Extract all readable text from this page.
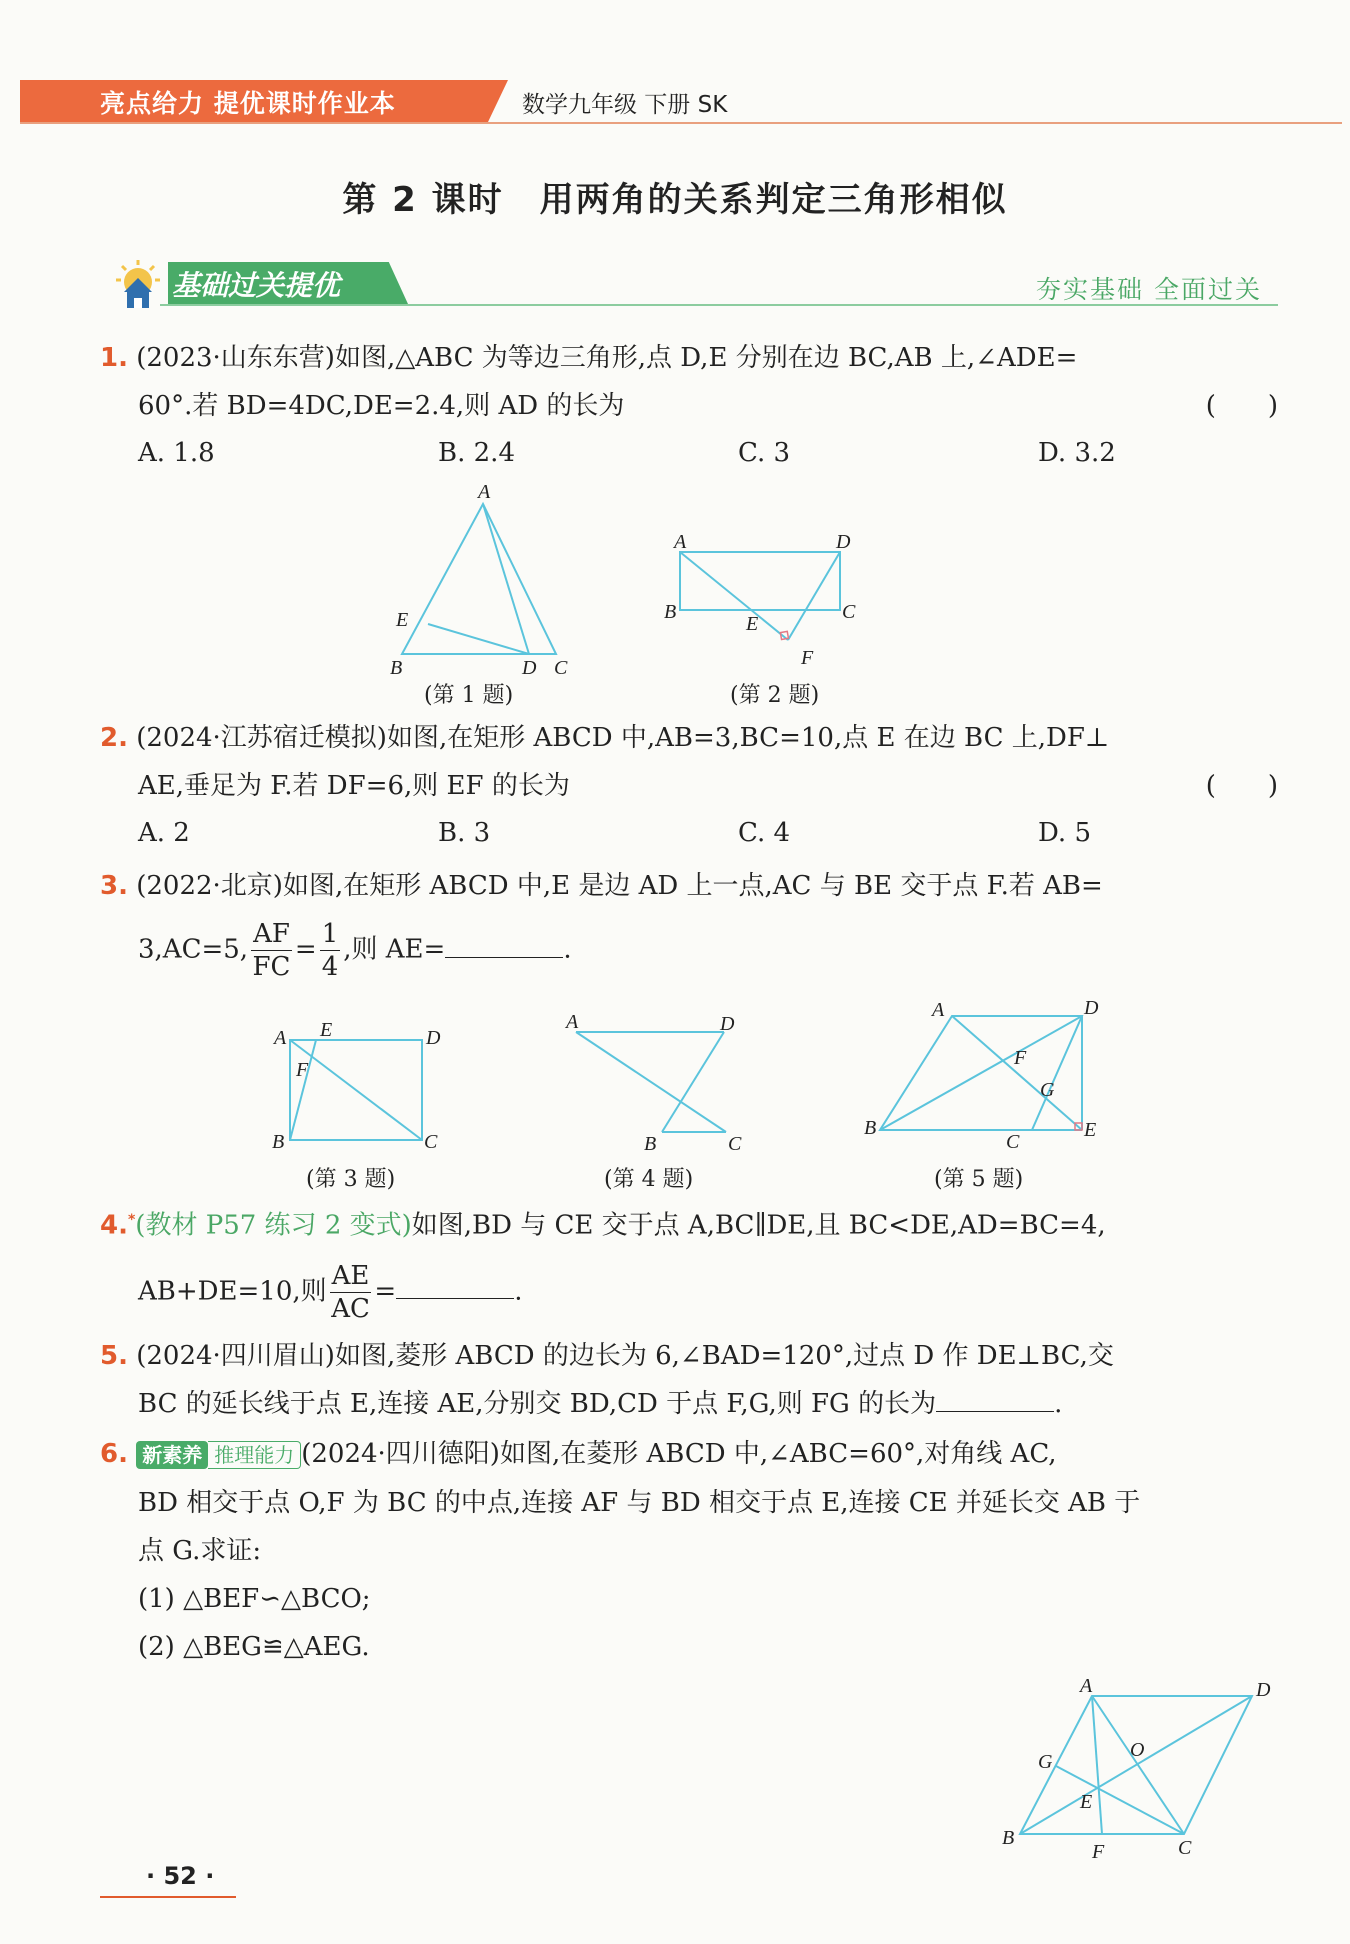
亮点给力 提优课时作业本	数学九年级 下册 SK
第 2 课时　用两角的关系判定三角形相似
基础过关提优	夯实基础 全面过关
1. (2023·山东东营)如图,△ABC 为等边三角形,点 D,E 分别在边 BC,AB 上,∠ADE=
60°.若 BD=4DC,DE=2.4,则 AD 的长为	(　　)
A. 1.8	B. 2.4	C. 3	D. 3.2
A
B	C
D
E
(第 1 题)
A
B	C
D
E
F
(第 2 题)
2. (2024·江苏宿迁模拟)如图,在矩形 ABCD 中,AB=3,BC=10,点 E 在边 BC 上,DF⊥
AE,垂足为 F.若 DF=6,则 EF 的长为	(　　)
A. 2	B. 3	C. 4	D. 5
3. (2022·北京)如图,在矩形 ABCD 中,E 是边 AD 上一点,AC 与 BE 交于点 F.若 AB=
3,AC=5, $\frac{AF}{FC} = \frac{1}{4}$ ,则 AE=	.
A
B	C
D
E
F
(第 3 题)
A
B	C
D
(第 4 题)
A
B
C
D
E
F
G
(第 5 题)
4.*(教材 P57 练习 2 变式)如图,BD 与 CE 交于点 A,BC∥DE,且 BC<DE,AD=BC=4,
AB+DE=10,则 $\frac{AE}{AC}$ =	.
5. (2024·四川眉山)如图,菱形 ABCD 的边长为 6,∠BAD=120°,过点 D 作 DE⊥BC,交
BC 的延长线于点 E,连接 AE,分别交 BD,CD 于点 F,G,则 FG 的长为	.
6. 新素养 推理能力 (2024·四川德阳)如图,在菱形 ABCD 中,∠ABC=60°,对角线 AC,
BD 相交于点 O,F 为 BC 的中点,连接 AF 与 BD 相交于点 E,连接 CE 并延长交 AB 于
点 G.求证:
(1) △BEF∽△BCO;
(2) △BEG≌△AEG.
A
B	C
D
E
F
G
O
· 52 ·
